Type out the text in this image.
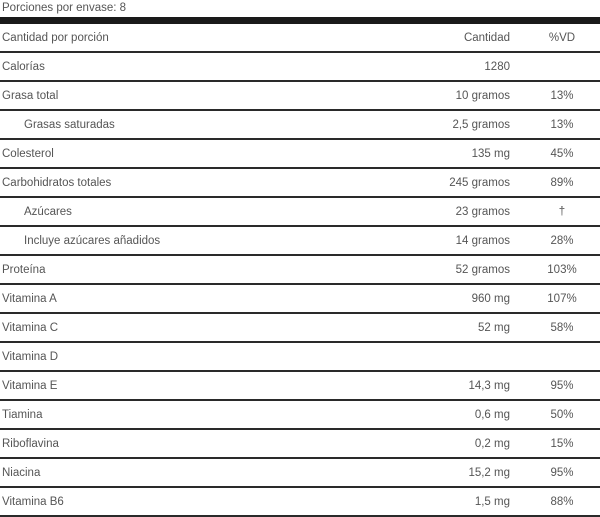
Porciones por envase: 8
Cantidad por porción	Cantidad	%VD
Calorías	1280
Grasa total	10 gramos	13%
Grasas saturadas	2,5 gramos	13%
Colesterol	135 mg	45%
Carbohidratos totales	245 gramos	89%
Azúcares	23 gramos	†
Incluye azúcares añadidos	14 gramos	28%
Proteína	52 gramos	103%
Vitamina A	960 mg	107%
Vitamina C	52 mg	58%
Vitamina D
Vitamina E	14,3 mg	95%
Tiamina	0,6 mg	50%
Riboflavina	0,2 mg	15%
Niacina	15,2 mg	95%
Vitamina B6	1,5 mg	88%
